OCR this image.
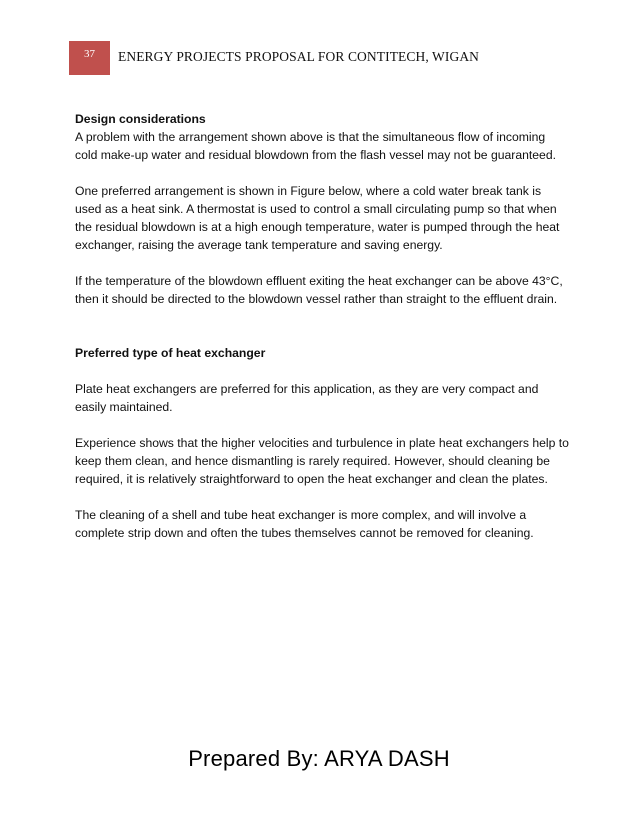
37	ENERGY PROJECTS PROPOSAL FOR CONTITECH, WIGAN
Design considerations

A problem with the arrangement shown above is that the simultaneous flow of incoming cold make-up water and residual blowdown from the flash vessel may not be guaranteed.

One preferred arrangement is shown in Figure below, where a cold water break tank is used as a heat sink. A thermostat is used to control a small circulating pump so that when the residual blowdown is at a high enough temperature, water is pumped through the heat exchanger, raising the average tank temperature and saving energy.

If the temperature of the blowdown effluent exiting the heat exchanger can be above 43°C, then it should be directed to the blowdown vessel rather than straight to the effluent drain.

Preferred type of heat exchanger

Plate heat exchangers are preferred for this application, as they are very compact and easily maintained.

Experience shows that the higher velocities and turbulence in plate heat exchangers help to keep them clean, and hence dismantling is rarely required. However, should cleaning be required, it is relatively straightforward to open the heat exchanger and clean the plates.

The cleaning of a shell and tube heat exchanger is more complex, and will involve a complete strip down and often the tubes themselves cannot be removed for cleaning.

Prepared By: ARYA DASH
